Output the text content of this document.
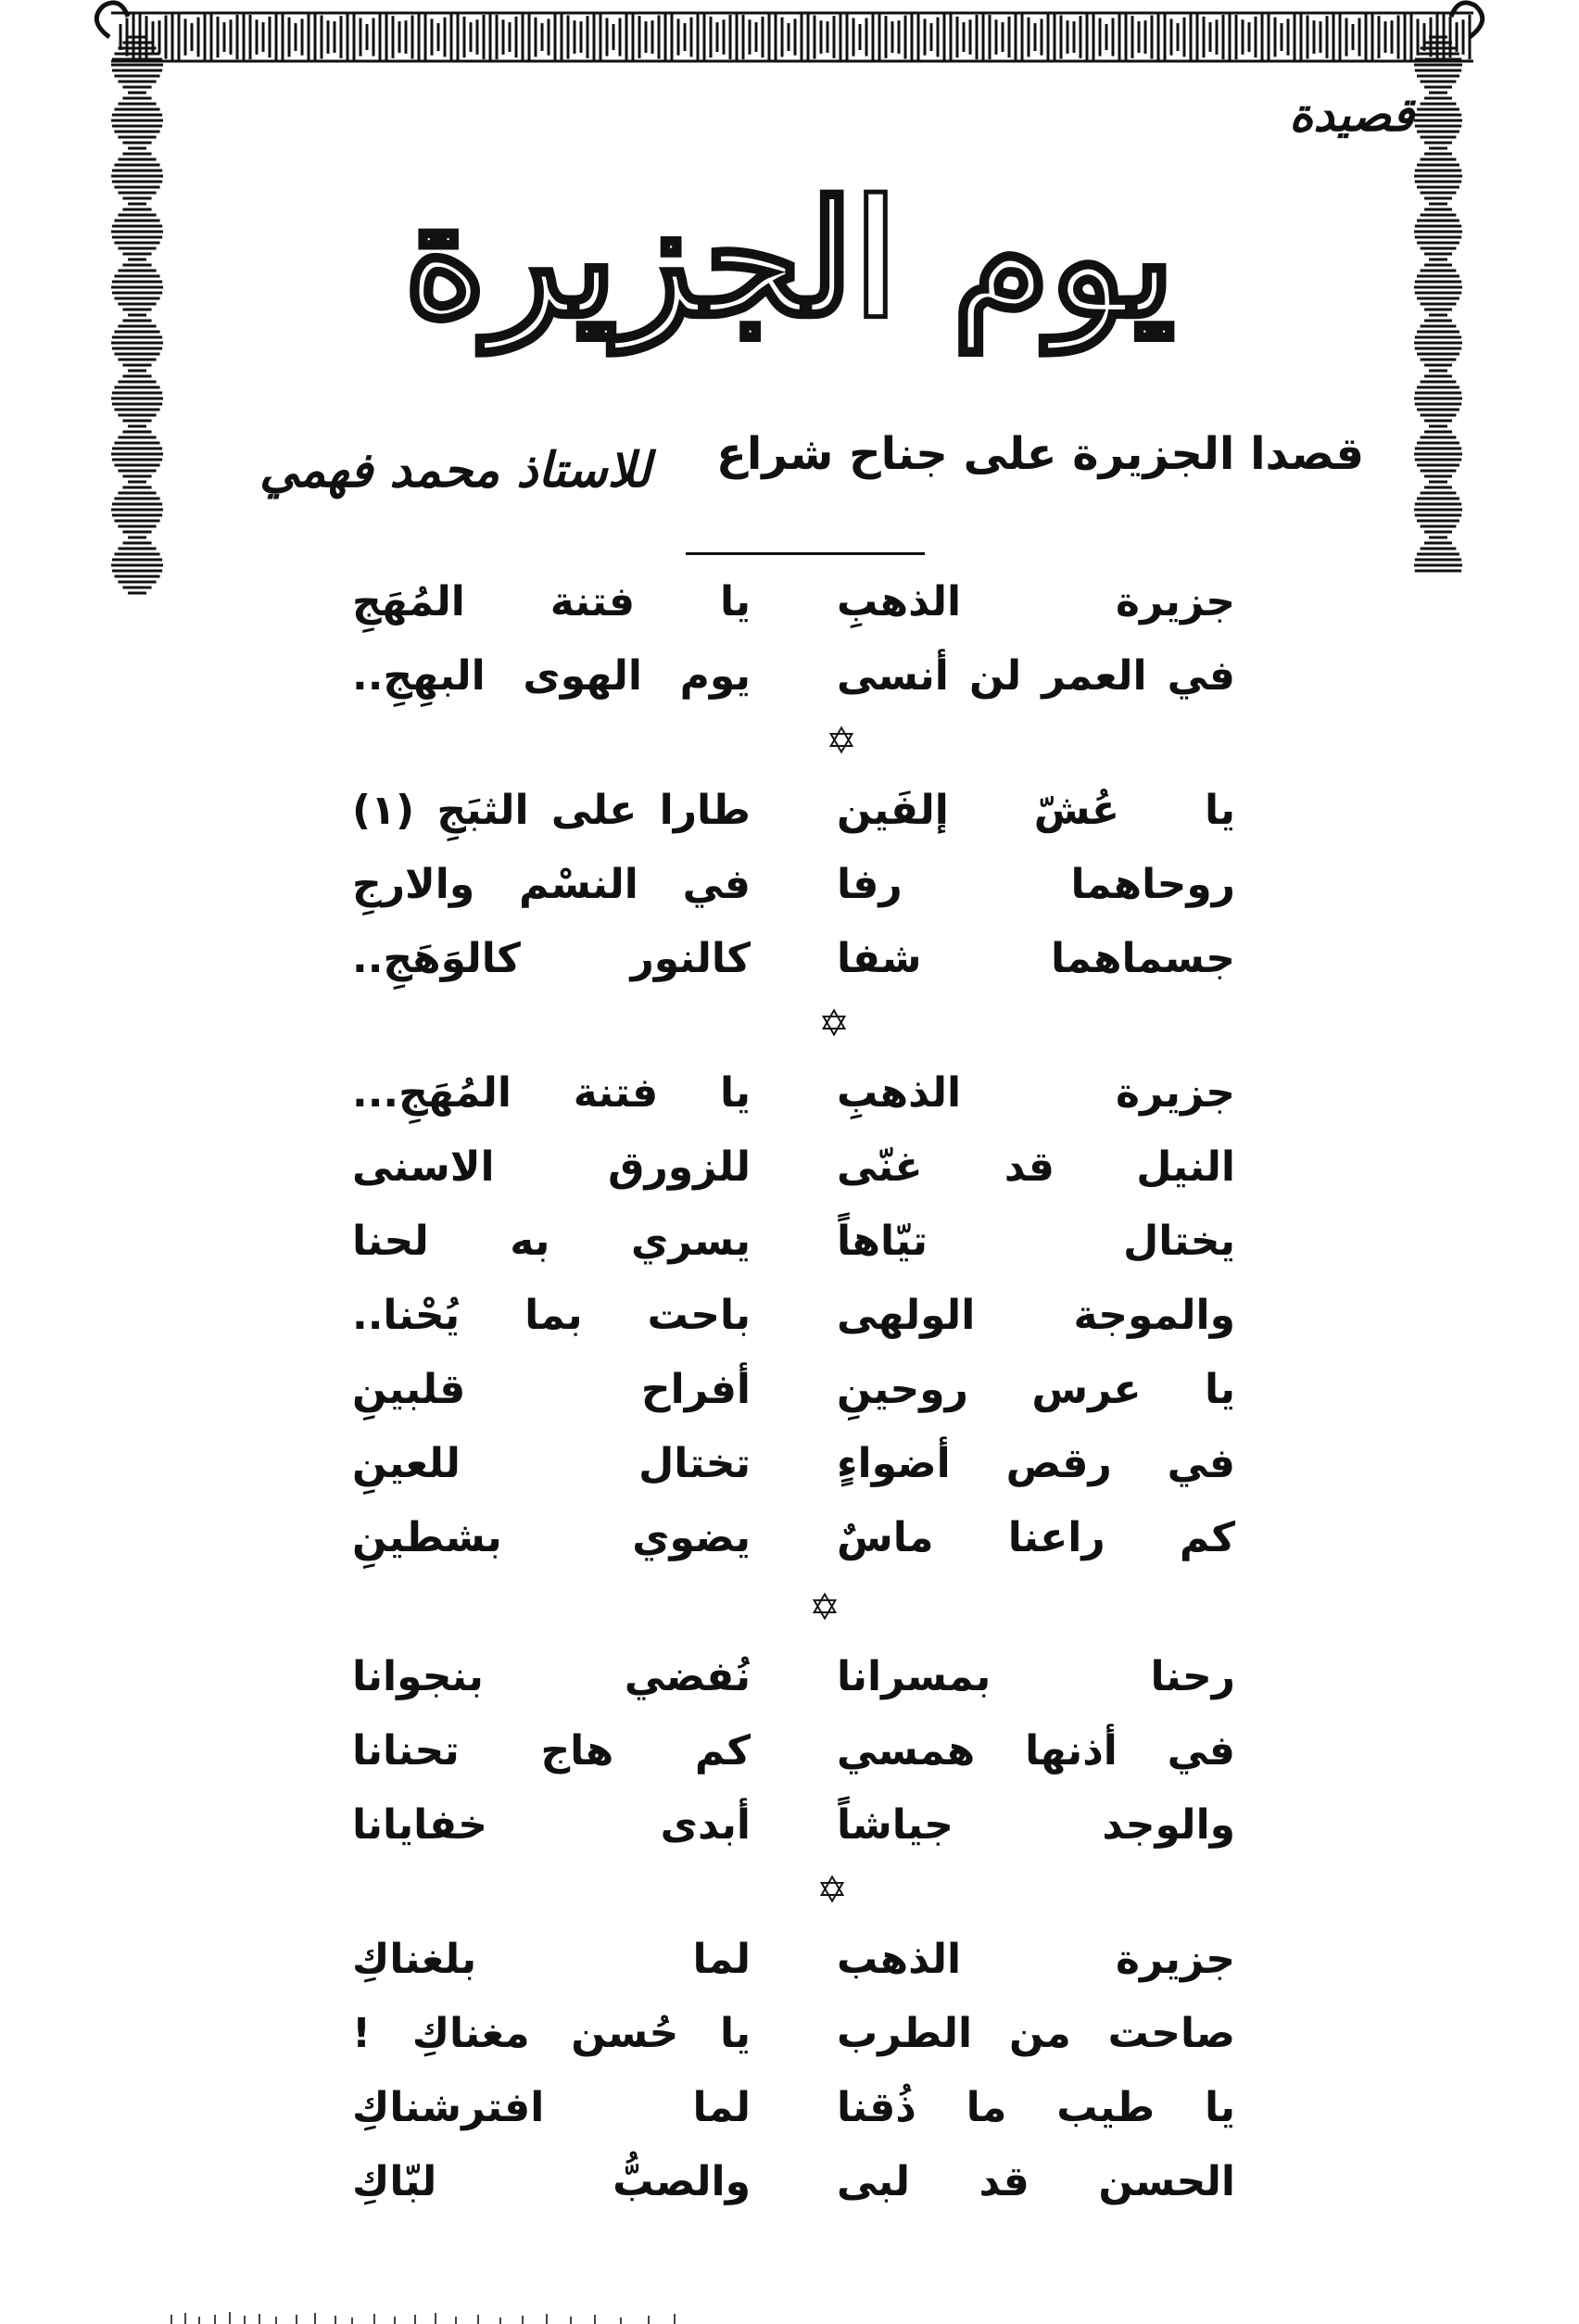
قصيدة
يوم الجزيرة
قصدا الجزيرة على جناح شراع
للاستاذ محمد فهمي
جزيرة الذهبِ
يا فتنة المُهَجِ
في العمر لن أنسى
يوم الهوى البهِجِ..
يا عُشّ إلفَين
طارا على الثبَجِ (١)
روحاهما رفا
في النسْم والارجِ
جسماهما شفا
كالنور كالوَهَجِ..
جزيرة الذهبِ
يا فتنة المُهَجِ...
النيل قد غنّى
للزورق الاسنى
يختال تيّاهاً
يسري به لحنا
والموجة الولهى
باحت بما يُحْنا..
يا عرس روحينِ
أفراح قلبينِ
في رقص أضواءٍ
تختال للعينِ
كم راعنا ماسٌ
يضوي بشطينِ
رحنا بمسرانا
نُفضي بنجوانا
في أذنها همسي
كم هاج تحنانا
والوجد جياشاً
أبدى خفايانا
جزيرة الذهب
لما بلغناكِ
صاحت من الطرب
يا حُسن مغناكِ !
يا طيب ما ذُقنا
لما افترشناكِ
الحسن قد لبى
والصبُّ لبّاكِ
✡
✡
✡
✡
